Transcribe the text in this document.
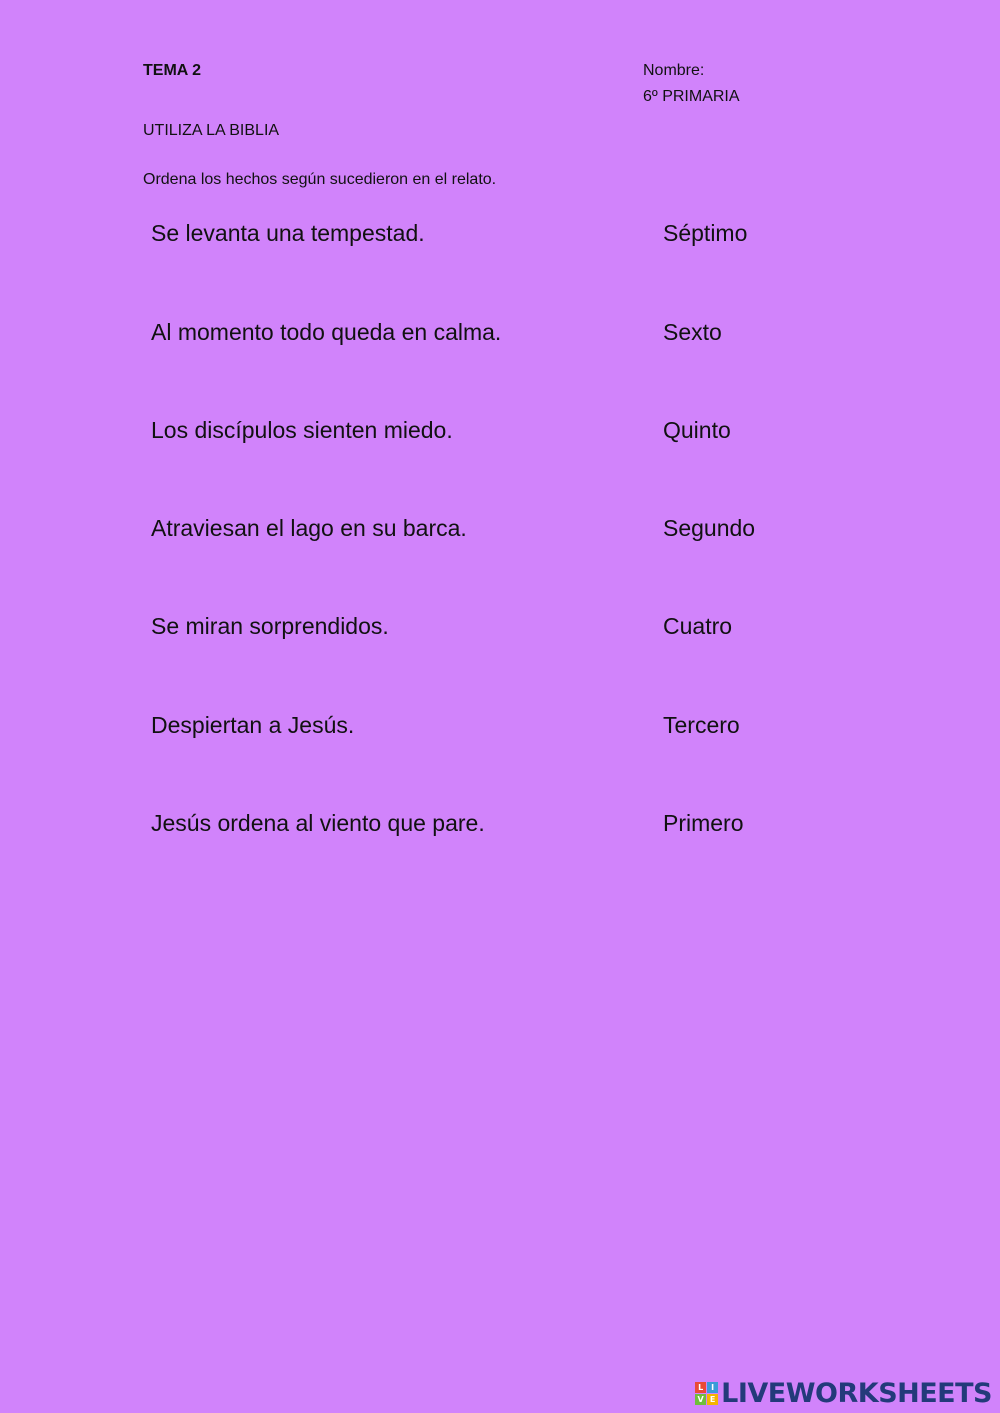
TEMA 2	Nombre:
6º PRIMARIA
UTILIZA LA BIBLIA
Ordena los hechos según sucedieron en el relato.
Se levanta una tempestad.	Séptimo
Al momento todo queda en calma.	Sexto
Los discípulos sienten miedo.	Quinto
Atraviesan el lago en su barca.	Segundo
Se miran sorprendidos.	Cuatro
Despiertan a Jesús.	Tercero
Jesús ordena al viento que pare.	Primero
L I
V E LIVEWORKSHEETS
